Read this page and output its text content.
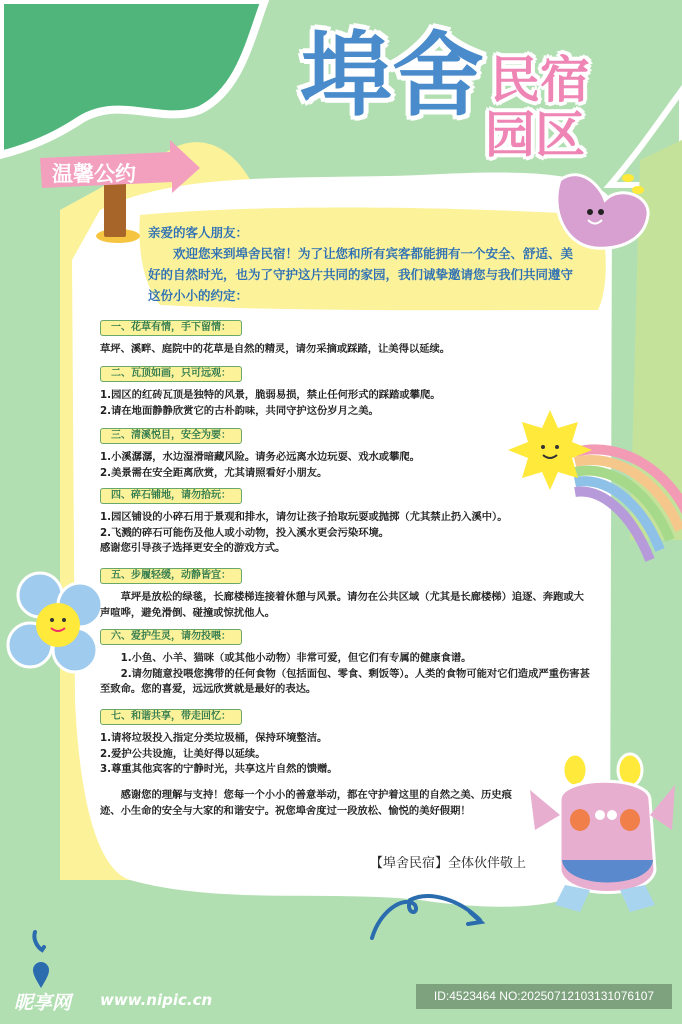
温馨公约
埠舍 民宿
园区

亲爱的客人朋友：

欢迎您来到埠舍民宿！为了让您和所有宾客都能拥有一个安全、舒适、美好的自然时光，也为了守护这片共同的家园，我们诚挚邀请您与我们共同遵守这份小小的约定：

一、花草有情，手下留情：

草坪、溪畔、庭院中的花草是自然的精灵，请勿采摘或踩踏，让美得以延续。

二、瓦顶如画，只可远观：

1.园区的红砖瓦顶是独特的风景，脆弱易损，禁止任何形式的踩踏或攀爬。

2.请在地面静静欣赏它的古朴韵味，共同守护这份岁月之美。

三、清溪悦目，安全为要：

1.小溪潺潺，水边湿滑暗藏风险。请务必远离水边玩耍、戏水或攀爬。

2.美景需在安全距离欣赏，尤其请照看好小朋友。

四、碎石铺地，请勿拾玩：

1.园区铺设的小碎石用于景观和排水，请勿让孩子拾取玩耍或抛掷（尤其禁止扔入溪中）。

2.飞溅的碎石可能伤及他人或小动物，投入溪水更会污染环境。

感谢您引导孩子选择更安全的游戏方式。

五、步履轻缓，动静皆宜：

草坪是放松的绿毯，长廊楼梯连接着休憩与风景。请勿在公共区域（尤其是长廊楼梯）追逐、奔跑或大声喧哗，避免滑倒、碰撞或惊扰他人。

六、爱护生灵，请勿投喂：

1.小鱼、小羊、猫咪（或其他小动物）非常可爱，但它们有专属的健康食谱。

2.请勿随意投喂您携带的任何食物（包括面包、零食、剩饭等）。人类的食物可能对它们造成严重伤害甚至致命。您的喜爱，远远欣赏就是最好的表达。

七、和谐共享，带走回忆：

1.请将垃圾投入指定分类垃圾桶，保持环境整洁。

2.爱护公共设施，让美好得以延续。

3.尊重其他宾客的宁静时光，共享这片自然的馈赠。

感谢您的理解与支持！您每一个小小的善意举动，都在守护着这里的自然之美、历史痕迹、小生命的安全与大家的和谐安宁。祝您埠舍度过一段放松、愉悦的美好假期！
【埠舍民宿】全体伙伴敬上
昵享网 www.nipic.cn	ID:4523464 NO:20250712103131076107
